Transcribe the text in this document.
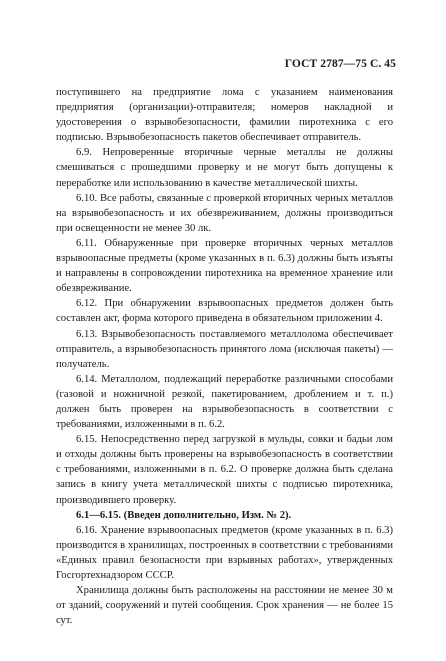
ГОСТ 2787—75 С. 45

поступившего на предприятие лома с указанием наименования предприятия (организации)-отправителя; номеров накладной и удостоверения о взрывобезопасности, фамилии пиротехника с его подписью. Взрывобезопасность пакетов обеспечивает отправитель.

6.9. Непроверенные вторичные черные металлы не должны смешиваться с прошедшими проверку и не могут быть допущены к переработке или использованию в качестве металлической шихты.

6.10. Все работы, связанные с проверкой вторичных черных металлов на взрывобезопасность и их обезвреживанием, должны производиться при освещенности не менее 30 лк.

6.11. Обнаруженные при проверке вторичных черных металлов взрывоопасные предметы (кроме указанных в п. 6.3) должны быть изъяты и направлены в сопровождении пиротехника на временное хранение или обезвреживание.

6.12. При обнаружении взрывоопасных предметов должен быть составлен акт, форма которого приведена в обязательном приложении 4.

6.13. Взрывобезопасность поставляемого металлолома обеспечивает отправитель, а взрывобезопасность принятого лома (исключая пакеты) — получатель.

6.14. Металлолом, подлежащий переработке различными способами (газовой и ножничной резкой, пакетированием, дроблением и т. п.) должен быть проверен на взрывобезопасность в соответствии с требованиями, изложенными в п. 6.2.

6.15. Непосредственно перед загрузкой в мульды, совки и бадьи лом и отходы должны быть проверены на взрывобезопасность в соответствии с требованиями, изложенными в п. 6.2. О проверке должна быть сделана запись в книгу учета металлической шихты с подписью пиротехника, производившего проверку.

6.1—6.15. (Введен дополнительно, Изм. № 2).

6.16. Хранение взрывоопасных предметов (кроме указанных в п. 6.3) производится в хранилищах, построенных в соответствии с требованиями «Единых правил безопасности при взрывных работах», утвержденных Госгортехнадзором СССР.

Хранилища должны быть расположены на расстоянии не менее 30 м от зданий, сооружений и путей сообщения. Срок хранения — не более 15 сут.
